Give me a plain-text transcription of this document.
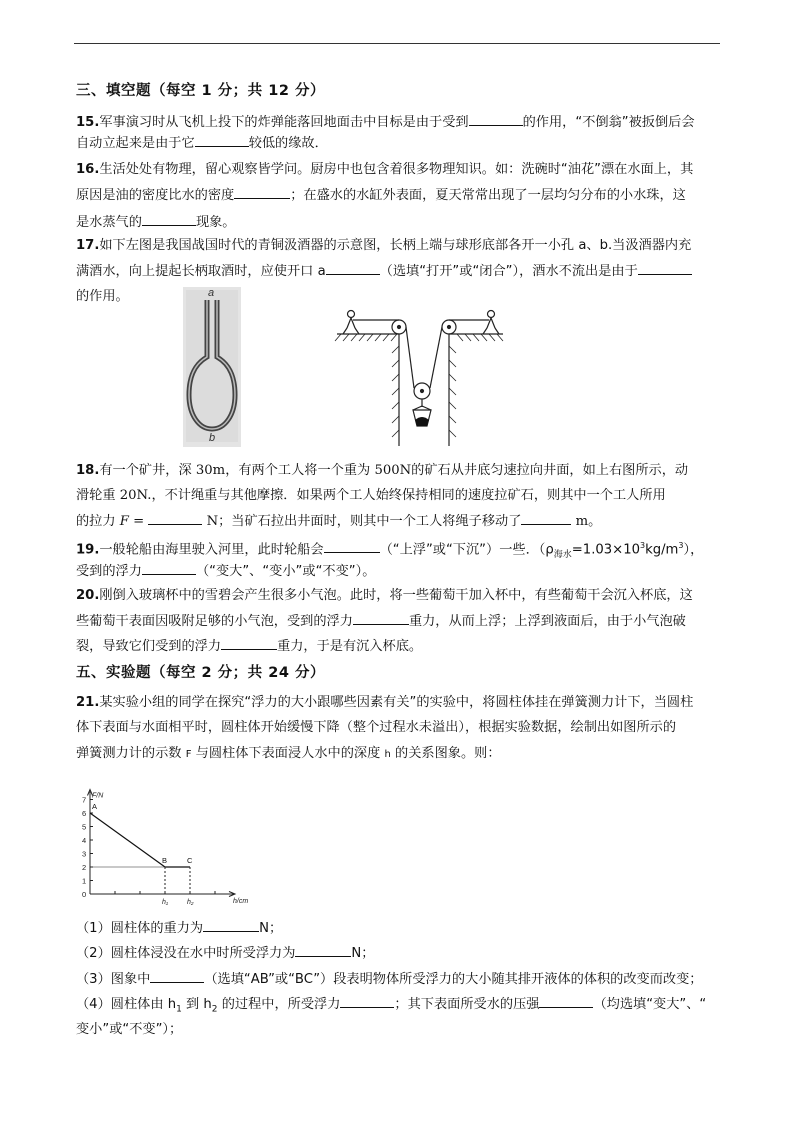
三、填空题（每空 1 分；共 12 分）
15.军事演习时从飞机上投下的炸弹能落回地面击中目标是由于受到	的作用，“不倒翁”被扳倒后会
自动立起来是由于它	较低的缘故．
16.生活处处有物理，留心观察皆学问。厨房中也包含着很多物理知识。如：洗碗时“油花”漂在水面上，其
原因是油的密度比水的密度	；在盛水的水缸外表面，夏天常常出现了一层均匀分布的小水珠，这
是水蒸气的	现象。
17.如下左图是我国战国时代的青铜汲酒器的示意图，长柄上端与球形底部各开一小孔 a、b.当汲酒器内充
满酒水，向上提起长柄取酒时，应使开口 a	（选填“打开”或“闭合”），酒水不流出是由于
的作用。	a
b
18.有一个矿井，深 30m，有两个工人将一个重为 500N的矿石从井底匀速拉向井面，如上右图所示，动
滑轮重 20N.，不计绳重与其他摩擦．如果两个工人始终保持相同的速度拉矿石，则其中一个工人所用
的拉力 F =	N；当矿石拉出井面时，则其中一个工人将绳子移动了	m。
19.一般轮船由海里驶入河里，此时轮船会	（“上浮”或“下沉”）一些．$(\rho_{海水}=1.03\times 10^3kg/m^3)$，
受到的浮力	（“变大”、“变小”或“不变”）。
20.刚倒入玻璃杯中的雪碧会产生很多小气泡。此时，将一些葡萄干加入杯中，有些葡萄干会沉入杯底，这
些葡萄干表面因吸附足够的小气泡，受到的浮力	重力，从而上浮；上浮到液面后，由于小气泡破
裂，导致它们受到的浮力	重力，于是有沉入杯底。
五、实验题（每空 2 分；共 24 分）
21.某实验小组的同学在探究“浮力的大小跟哪些因素有关”的实验中，将圆柱体挂在弹簧测力计下，当圆柱
体下表面与水面相平时，圆柱体开始缓慢下降（整个过程水未溢出），根据实验数据，绘制出如图所示的
弹簧测力计的示数 F 与圆柱体下表面浸人水中的深度 h 的关系图象。则：
0
1
2
3
4
5
6
7 F/N
h/cm
A
B	C
h₁	h₂
（1）圆柱体的重力为	N；
（2）圆柱体浸没在水中时所受浮力为	N；
（3）图象中	（选填“AB”或“BC”）段表明物体所受浮力的大小随其排开液体的体积的改变而改变；
（4）圆柱体由 $h_1$ 到 $h_2$ 的过程中，所受浮力	；其下表面所受水的压强	（均选填“变大”、“
变小”或“不变”）；
